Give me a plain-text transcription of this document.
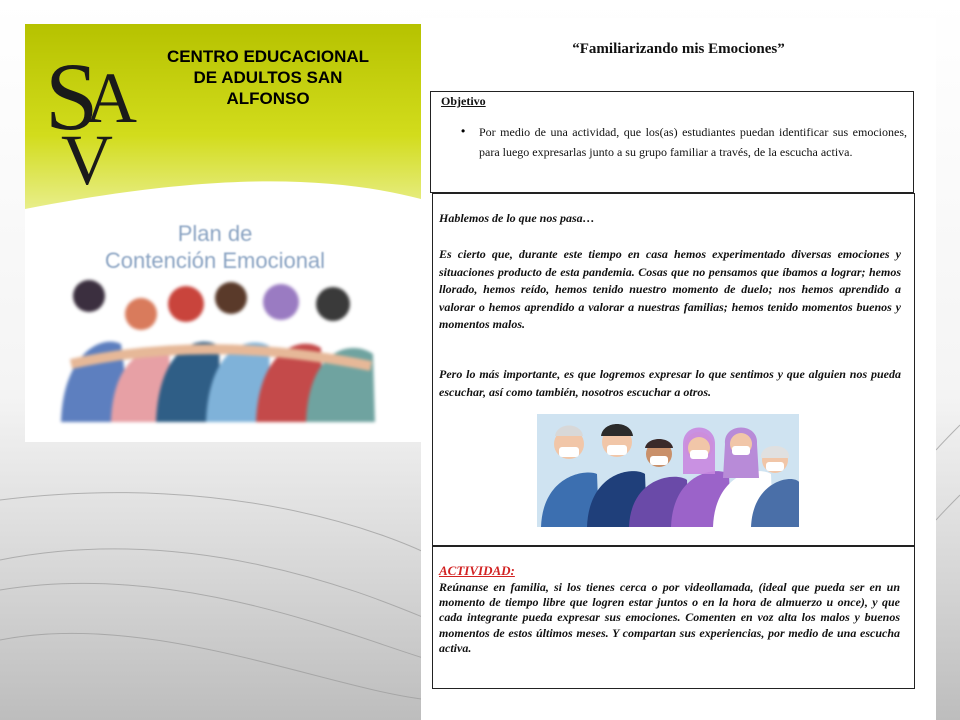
S
A
V
CENTRO EDUCACIONAL
DE ADULTOS SAN
ALFONSO
Plan de
Contención Emocional
“Familiarizando mis Emociones”
Objetivo
• Por medio de una actividad, que los(as) estudiantes puedan identificar sus emociones, para luego expresarlas junto a su grupo familiar a través, de la escucha activa.
Hablemos de lo que nos pasa…
Es cierto que, durante este tiempo en casa hemos experimentado diversas emociones y situaciones producto de esta pandemia. Cosas que no pensamos que íbamos a lograr; hemos llorado, hemos reído, hemos tenido nuestro momento de duelo; nos hemos aprendido a valorar o hemos aprendido a valorar a nuestras familias; hemos tenido momentos buenos y momentos malos.
Pero lo más importante, es que logremos expresar lo que sentimos y que alguien nos pueda escuchar, así como también, nosotros escuchar a otros.
ACTIVIDAD:
Reúnanse en familia, si los tienes cerca o por videollamada, (ideal que pueda ser en un momento de tiempo libre que logren estar juntos o en la hora de almuerzo u once), y que cada integrante pueda expresar sus emociones. Comenten en voz alta los malos y buenos momentos de estos últimos meses. Y compartan sus experiencias, por medio de una escucha activa.
